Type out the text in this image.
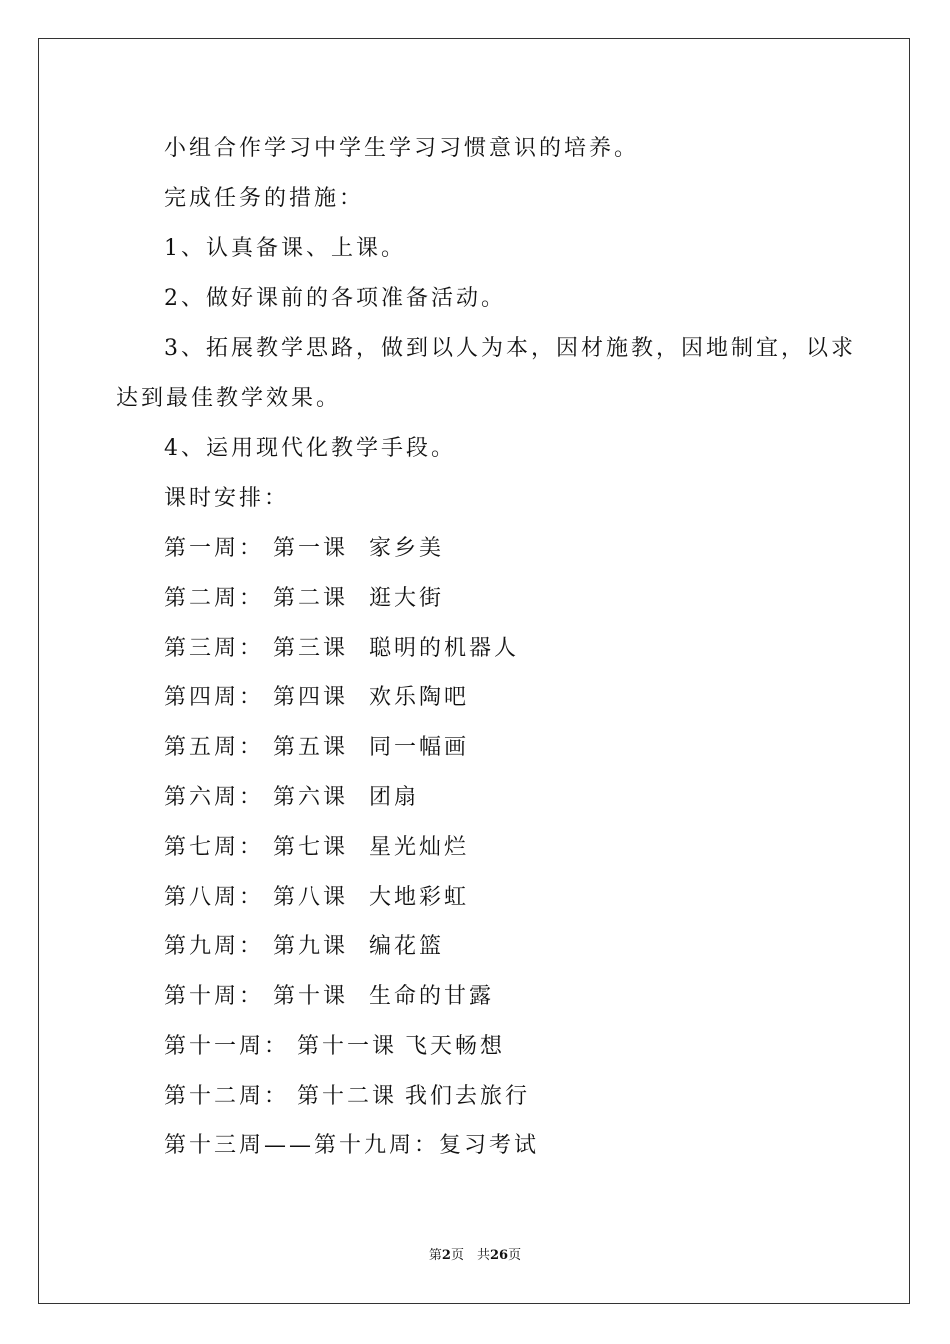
小组合作学习中学生学习习惯意识的培养。
完成任务的措施：
1、认真备课、上课。
2、做好课前的各项准备活动。
3、拓展教学思路，做到以人为本，因材施教，因地制宜，以求
达到最佳教学效果。
4、运用现代化教学手段。
课时安排：
第一周： 第一课 家乡美
第二周： 第二课 逛大街
第三周： 第三课 聪明的机器人
第四周： 第四课 欢乐陶吧
第五周： 第五课 同一幅画
第六周： 第六课 团扇
第七周： 第七课 星光灿烂
第八周： 第八课 大地彩虹
第九周： 第九课 编花篮
第十周： 第十课 生命的甘露
第十一周： 第十一课 飞天畅想
第十二周： 第十二课 我们去旅行
第十三周——第十九周：复习考试
第2页　共26页
